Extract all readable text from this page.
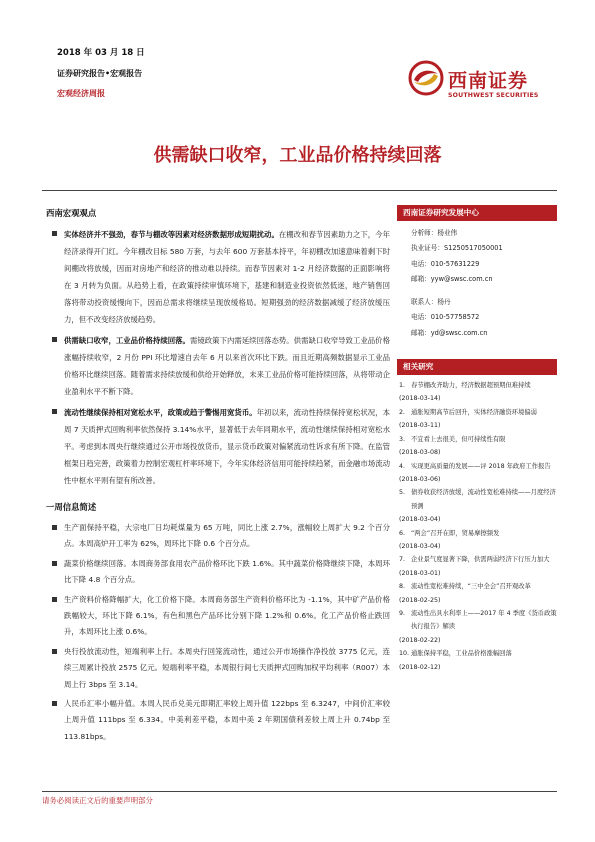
2018 年 03 月 18 日
证券研究报告•宏观报告
宏观经济周报
西南证券
SOUTHWEST SECURITIES
供需缺口收窄，工业品价格持续回落
西南宏观观点
实体经济并不强劲，春节与棚改等因素对经济数据形成短期扰动。在棚改和春节因素助力之下，今年经济录得开门红。今年棚改目标 580 万套，与去年 600 万套基本持平，年初棚改加速意味着剩下时间棚改将放缓，因而对房地产和经济的推动难以持续。而春节因素对 1-2 月经济数据的正面影响将在 3 月转为负面。从趋势上看，在政策持续审慎环境下，基建和制造业投资依然低迷，地产销售回落将带动投资缓慢向下，因而总需求将继续呈现放缓格局。短期强劲的经济数据减缓了经济放缓压力，但不改变经济放缓趋势。
供需缺口收窄，工业品价格持续回落。需镜政策下内需延续回落态势。供需缺口收窄导致工业品价格涨幅持续收窄，2 月份 PPI 环比增速自去年 6 月以来首次环比下跌。而且近期高频数据显示工业品价格环比继续回落。随着需求持续放缓和供给开始释放，未来工业品价格可能持续回落，从将带动企业盈利水平不断下降。
流动性继续保持相对宽松水平，政策或趋于警惕用宽货币。年初以来，流动性持续保持宽松状况，本周 7 天质押式回购利率依然保持 3.14%水平，显著低于去年同期水平，流动性继续保持相对宽松水平。考虑到本周央行继续通过公开市场投放货币，显示货币政策对偏紧流动性诉求有所下降。在监管框架日趋完善，政策着力控制宏观杠杆率环境下，今年实体经济信用可能持续趋紧，而金融市场流动性中枢水平则有望有所改善。
一周信息简述
生产面保持平稳，大宗电厂日均耗煤量为 65 万吨，同比上涨 2.7%，涨幅较上周扩大 9.2 个百分点。本周高炉开工率为 62%，周环比下降 0.6 个百分点。
蔬菜价格继续回落。本周商务部食用农产品价格环比下跌 1.6%。其中蔬菜价格降继续下降，本周环比下降 4.8 个百分点。
生产资料价格降幅扩大，化工价格下降。本周商务部生产资料价格环比为 -1.1%，其中矿产品价格跌幅较大，环比下降 6.1%，有色和黑色产品环比分别下降 1.2%和 0.6%。化工产品价格止跌回升，本周环比上涨 0.6%。
央行投放流动性，短端利率上行。本周央行回笼流动性，通过公开市场操作净投放 3775 亿元，连续三周累计投放 2575 亿元。短端利率平稳，本周银行间七天质押式回购加权平均利率（R007）本周上行 3bps 至 3.14。
人民币汇率小幅升值。本周人民币兑美元即期汇率较上周升值 122bps 至 6.3247，中间价汇率较上周升值 111bps 至 6.334。中美利差平稳，本周中美 2 年期国债利差较上周上升 0.74bp 至 113.81bps。
西南证券研究发展中心
分析师：杨业伟
执业证号：S1250517050001
电话：010-57631229
邮箱：yyw@swsc.com.cn
联系人：杨丹
电话：010-57758572
邮箱：yd@swsc.com.cn
相关研究
1. 春节棚改齐助力，经济数据超预期但难持续
(2018-03-14)
2. 通胀短期高节后回升，实体经济融资环境偏弱
(2018-03-11)
3. 不宜看上去很美，但可持续性有限
(2018-03-08)
4. 实现更高质量的发展——评 2018 年政府工作报告
(2018-03-06)
5. 债券收获经济放缓，流动性宽松难持续——月度经济预测
(2018-03-04)
6. “两会”召开在即，贸易摩擦频发
(2018-03-04)
7. 企业景气度显著下降，供需两弱经济下行压力加大
(2018-03-01)
8. 流动性宽松难持续，“三中全会”召开观改革
(2018-02-25)
9. 流动性出具水利率上——2017 年 4 季度《货币政策执行报告》解读
(2018-02-22)
10. 通胀保持平稳，工业品价格涨幅回落
(2018-02-12)
请务必阅读正文后的重要声明部分
